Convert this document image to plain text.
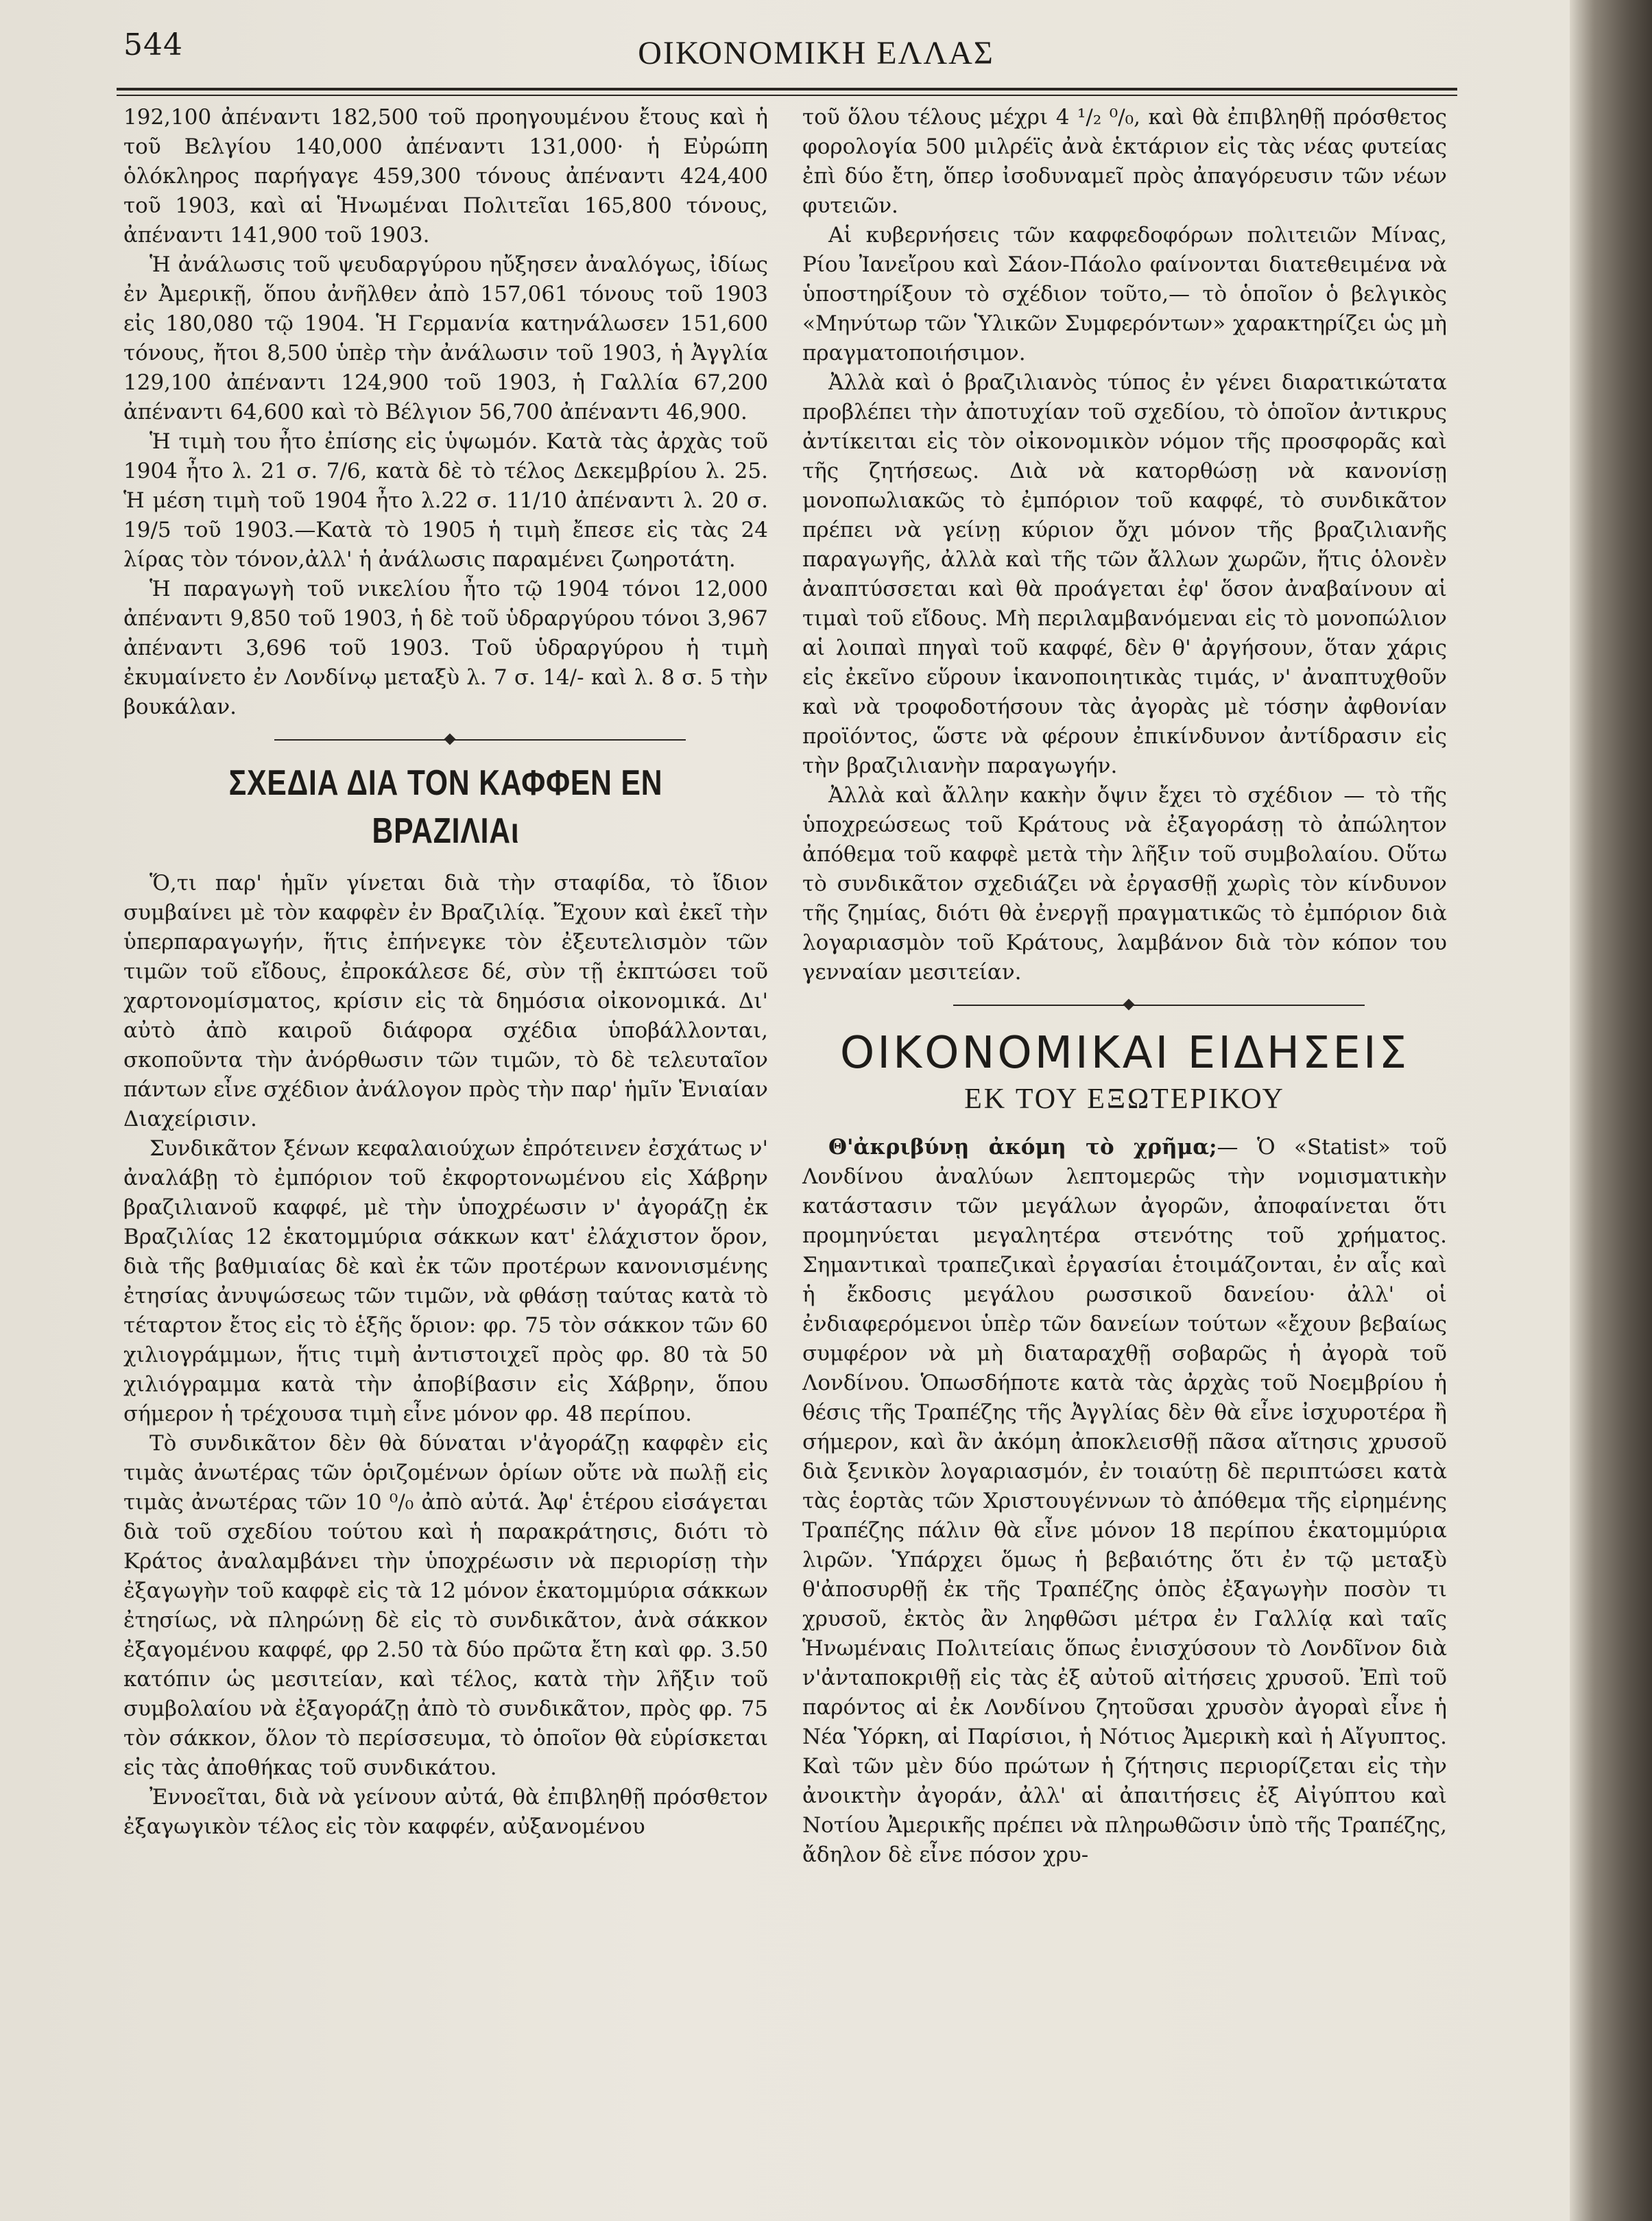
544	ΟΙΚΟΝΟΜΙΚΗ ΕΛΛΑΣ

192,100 ἀπέναντι 182,500 τοῦ προηγουμένου ἔτους καὶ ἡ τοῦ Βελγίου 140,000 ἀπέναντι 131,000· ἡ Εὐρώπη ὁλόκληρος παρήγαγε 459,300 τόνους ἀπέναντι 424,400 τοῦ 1903, καὶ αἱ Ἡνωμέναι Πολιτεῖαι 165,800 τόνους, ἀπέναντι 141,900 τοῦ 1903.

Ἡ ἀνάλωσις τοῦ ψευδαργύρου ηὔξησεν ἀναλόγως, ἰδίως ἐν Ἀμερικῇ, ὅπου ἀνῆλθεν ἀπὸ 157,061 τόνους τοῦ 1903 εἰς 180,080 τῷ 1904. Ἡ Γερμανία κατηνάλωσεν 151,600 τόνους, ἤτοι 8,500 ὑπὲρ τὴν ἀνάλωσιν τοῦ 1903, ἡ Ἀγγλία 129,100 ἀπέναντι 124,900 τοῦ 1903, ἡ Γαλλία 67,200 ἀπέναντι 64,600 καὶ τὸ Βέλγιον 56,700 ἀπέναντι 46,900.

Ἡ τιμὴ του ἦτο ἐπίσης εἰς ὑψωμόν. Κατὰ τὰς ἀρχὰς τοῦ 1904 ἦτο λ. 21 σ. 7/6, κατὰ δὲ τὸ τέλος Δεκεμβρίου λ. 25. Ἡ μέση τιμὴ τοῦ 1904 ἦτο λ.22 σ. 11/10 ἀπέναντι λ. 20 σ. 19/5 τοῦ 1903.—Κατὰ τὸ 1905 ἡ τιμὴ ἔπεσε εἰς τὰς 24 λίρας τὸν τόνον,ἀλλ' ἡ ἀνάλωσις παραμένει ζωηροτάτη.

Ἡ παραγωγὴ τοῦ νικελίου ἦτο τῷ 1904 τόνοι 12,000 ἀπέναντι 9,850 τοῦ 1903, ἡ δὲ τοῦ ὑδραργύρου τόνοι 3,967 ἀπέναντι 3,696 τοῦ 1903. Τοῦ ὑδραργύρου ἡ τιμὴ ἐκυμαίνετο ἐν Λονδίνῳ μεταξὺ λ. 7 σ. 14/- καὶ λ. 8 σ. 5 τὴν βουκάλαν.

ΣΧΕΔΙΑ ΔΙΑ ΤΟΝ ΚΑΦΦΕΝ ΕΝ ΒΡΑΖΙΛΙΑι

Ὅ,τι παρ' ἡμῖν γίνεται διὰ τὴν σταφίδα, τὸ ἴδιον συμβαίνει μὲ τὸν καφφὲν ἐν Βραζιλίᾳ. Ἔχουν καὶ ἐκεῖ τὴν ὑπερπαραγωγήν, ἥτις ἐπήνεγκε τὸν ἐξευτελισμὸν τῶν τιμῶν τοῦ εἴδους, ἐπροκάλεσε δέ, σὺν τῇ ἐκπτώσει τοῦ χαρτονομίσματος, κρίσιν εἰς τὰ δημόσια οἰκονομικά. Δι' αὐτὸ ἀπὸ καιροῦ διάφορα σχέδια ὑποβάλλονται, σκοποῦντα τὴν ἀνόρθωσιν τῶν τιμῶν, τὸ δὲ τελευταῖον πάντων εἶνε σχέδιον ἀνάλογον πρὸς τὴν παρ' ἡμῖν Ἑνιαίαν Διαχείρισιν.

Συνδικᾶτον ξένων κεφαλαιούχων ἐπρότεινεν ἐσχάτως ν' ἀναλάβῃ τὸ ἐμπόριον τοῦ ἐκφορτονωμένου εἰς Χάβρην βραζιλιανοῦ καφφέ, μὲ τὴν ὑποχρέωσιν ν' ἀγοράζῃ ἐκ Βραζιλίας 12 ἑκατομμύρια σάκκων κατ' ἐλάχιστον ὅρον, διὰ τῆς βαθμιαίας δὲ καὶ ἐκ τῶν προτέρων κανονισμένης ἐτησίας ἀνυψώσεως τῶν τιμῶν, νὰ φθάσῃ ταύτας κατὰ τὸ τέταρτον ἔτος εἰς τὸ ἑξῆς ὅριον: φρ. 75 τὸν σάκκον τῶν 60 χιλιογράμμων, ἥτις τιμὴ ἀντιστοιχεῖ πρὸς φρ. 80 τὰ 50 χιλιόγραμμα κατὰ τὴν ἀποβίβασιν εἰς Χάβρην, ὅπου σήμερον ἡ τρέχουσα τιμὴ εἶνε μόνον φρ. 48 περίπου.

Τὸ συνδικᾶτον δὲν θὰ δύναται ν'ἀγοράζῃ καφφὲν εἰς τιμὰς ἀνωτέρας τῶν ὁριζομένων ὁρίων οὔτε νὰ πωλῇ εἰς τιμὰς ἀνωτέρας τῶν 10 ⁰/₀ ἀπὸ αὐτά. Ἀφ' ἑτέρου εἰσάγεται διὰ τοῦ σχεδίου τούτου καὶ ἡ παρακράτησις, διότι τὸ Κράτος ἀναλαμβάνει τὴν ὑποχρέωσιν νὰ περιορίσῃ τὴν ἐξαγωγὴν τοῦ καφφὲ εἰς τὰ 12 μόνον ἑκατομμύρια σάκκων ἐτησίως, νὰ πληρώνῃ δὲ εἰς τὸ συνδικᾶτον, ἀνὰ σάκκον ἐξαγομένου καφφέ, φρ 2.50 τὰ δύο πρῶτα ἔτη καὶ φρ. 3.50 κατόπιν ὡς μεσιτείαν, καὶ τέλος, κατὰ τὴν λῆξιν τοῦ συμβολαίου νὰ ἐξαγοράζῃ ἀπὸ τὸ συνδικᾶτον, πρὸς φρ. 75 τὸν σάκκον, ὅλον τὸ περίσσευμα, τὸ ὁποῖον θὰ εὑρίσκεται εἰς τὰς ἀποθήκας τοῦ συνδικάτου.

Ἐννοεῖται, διὰ νὰ γείνουν αὐτά, θὰ ἐπιβληθῇ πρόσθετον ἐξαγωγικὸν τέλος εἰς τὸν καφφέν, αὐξανομένου

τοῦ ὅλου τέλους μέχρι 4 ¹/₂ ⁰/₀, καὶ θὰ ἐπιβληθῇ πρόσθετος φορολογία 500 μιλρέϊς ἀνὰ ἑκτάριον εἰς τὰς νέας φυτείας ἐπὶ δύο ἔτη, ὅπερ ἰσοδυναμεῖ πρὸς ἀπαγόρευσιν τῶν νέων φυτειῶν.

Αἱ κυβερνήσεις τῶν καφφεδοφόρων πολιτειῶν Μίνας, Ρίου Ἰανεἴρου καὶ Σάον-Πάολο φαίνονται διατεθειμένα νὰ ὑποστηρίξουν τὸ σχέδιον τοῦτο,— τὸ ὁποῖον ὁ βελγικὸς «Μηνύτωρ τῶν Ὑλικῶν Συμφερόντων» χαρακτηρίζει ὡς μὴ πραγματοποιήσιμον.

Ἀλλὰ καὶ ὁ βραζιλιανὸς τύπος ἐν γένει διαρατικώτατα προβλέπει τὴν ἀποτυχίαν τοῦ σχεδίου, τὸ ὁποῖον ἀντικρυς ἀντίκειται εἰς τὸν οἰκονομικὸν νόμον τῆς προσφορᾶς καὶ τῆς ζητήσεως. Διὰ νὰ κατορθώσῃ νὰ κανονίσῃ μονοπωλιακῶς τὸ ἐμπόριον τοῦ καφφέ, τὸ συνδικᾶτον πρέπει νὰ γείνῃ κύριον ὄχι μόνον τῆς βραζιλιανῆς παραγωγῆς, ἀλλὰ καὶ τῆς τῶν ἄλλων χωρῶν, ἥτις ὁλονὲν ἀναπτύσσεται καὶ θὰ προάγεται ἐφ' ὅσον ἀναβαίνουν αἱ τιμαὶ τοῦ εἴδους. Μὴ περιλαμβανόμεναι εἰς τὸ μονοπώλιον αἱ λοιπαὶ πηγαὶ τοῦ καφφέ, δὲν θ' ἀργήσουν, ὅταν χάρις εἰς ἐκεῖνο εὕρουν ἱκανοποιητικὰς τιμάς, ν' ἀναπτυχθοῦν καὶ νὰ τροφοδοτήσουν τὰς ἀγορὰς μὲ τόσην ἀφθονίαν προϊόντος, ὥστε νὰ φέρουν ἐπικίνδυνον ἀντίδρασιν εἰς τὴν βραζιλιανὴν παραγωγήν.

Ἀλλὰ καὶ ἄλλην κακὴν ὄψιν ἔχει τὸ σχέδιον — τὸ τῆς ὑποχρεώσεως τοῦ Κράτους νὰ ἐξαγοράσῃ τὸ ἀπώλητον ἀπόθεμα τοῦ καφφὲ μετὰ τὴν λῆξιν τοῦ συμβολαίου. Οὕτω τὸ συνδικᾶτον σχεδιάζει νὰ ἐργασθῇ χωρὶς τὸν κίνδυνον τῆς ζημίας, διότι θὰ ἐνεργῇ πραγματικῶς τὸ ἐμπόριον διὰ λογαριασμὸν τοῦ Κράτους, λαμβάνον διὰ τὸν κόπον του γενναίαν μεσιτείαν.

ΟΙΚΟΝΟΜΙΚΑΙ ΕΙΔΗΣΕΙΣ
ΕΚ ΤΟΥ ΕΞΩΤΕΡΙΚΟΥ

Θ'ἀκριβύνῃ ἀκόμη τὸ χρῆμα;— Ὁ «Statist» τοῦ Λονδίνου ἀναλύων λεπτομερῶς τὴν νομισματικὴν κατάστασιν τῶν μεγάλων ἀγορῶν, ἀποφαίνεται ὅτι προμηνύεται μεγαλητέρα στενότης τοῦ χρήματος. Σημαντικαὶ τραπεζικαὶ ἐργασίαι ἑτοιμάζονται, ἐν αἷς καὶ ἡ ἔκδοσις μεγάλου ρωσσικοῦ δανείου· ἀλλ' οἱ ἐνδιαφερόμενοι ὑπὲρ τῶν δανείων τούτων «ἔχουν βεβαίως συμφέρον νὰ μὴ διαταραχθῇ σοβαρῶς ἡ ἀγορὰ τοῦ Λονδίνου. Ὁπωσδήποτε κατὰ τὰς ἀρχὰς τοῦ Νοεμβρίου ἡ θέσις τῆς Τραπέζης τῆς Ἀγγλίας δὲν θὰ εἶνε ἰσχυροτέρα ἢ σήμερον, καὶ ἂν ἀκόμη ἀποκλεισθῇ πᾶσα αἴτησις χρυσοῦ διὰ ξενικὸν λογαριασμόν, ἐν τοιαύτῃ δὲ περιπτώσει κατὰ τὰς ἑορτὰς τῶν Χριστουγέννων τὸ ἀπόθεμα τῆς εἰρημένης Τραπέζης πάλιν θὰ εἶνε μόνον 18 περίπου ἑκατομμύρια λιρῶν. Ὑπάρχει ὅμως ἡ βεβαιότης ὅτι ἐν τῷ μεταξὺ θ'ἀποσυρθῇ ἐκ τῆς Τραπέζης ὁπὸς ἐξαγωγὴν ποσὸν τι χρυσοῦ, ἐκτὸς ἂν ληφθῶσι μέτρα ἐν Γαλλίᾳ καὶ ταῖς Ἡνωμέναις Πολιτείαις ὅπως ἐνισχύσουν τὸ Λονδῖνον διὰ ν'ἀνταποκριθῇ εἰς τὰς ἐξ αὐτοῦ αἰτήσεις χρυσοῦ. Ἐπὶ τοῦ παρόντος αἱ ἐκ Λονδίνου ζητοῦσαι χρυσὸν ἀγοραὶ εἶνε ἡ Νέα Ὑόρκη, αἱ Παρίσιοι, ἡ Νότιος Ἀμερικὴ καὶ ἡ Αἴγυπτος. Καὶ τῶν μὲν δύο πρώτων ἡ ζήτησις περιορίζεται εἰς τὴν ἀνοικτὴν ἀγοράν, ἀλλ' αἱ ἀπαιτήσεις ἐξ Αἰγύπτου καὶ Νοτίου Ἀμερικῆς πρέπει νὰ πληρωθῶσιν ὑπὸ τῆς Τραπέζης, ἄδηλον δὲ εἶνε πόσον χρυ-
